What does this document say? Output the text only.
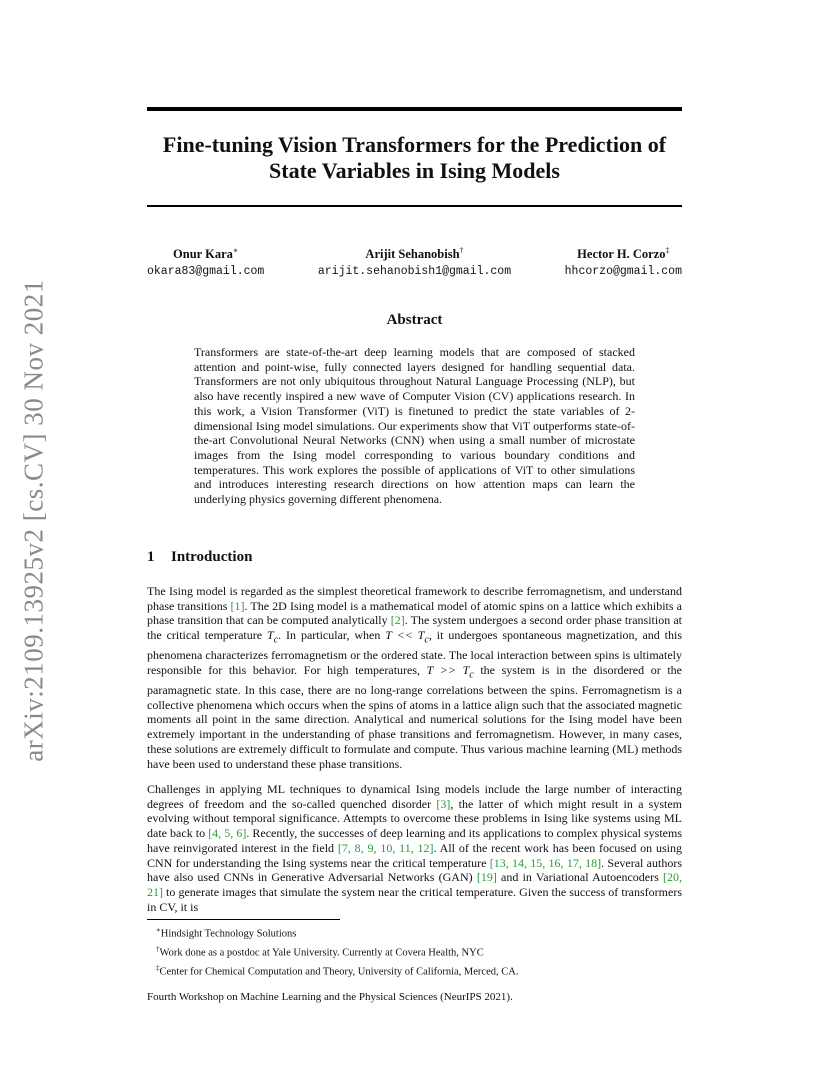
arXiv:2109.13925v2 [cs.CV] 30 Nov 2021
Fine-tuning Vision Transformers for the Prediction of State Variables in Ising Models
Onur Kara∗
okara83@gmail.com
Arijit Sehanobish†
arijit.sehanobish1@gmail.com
Hector H. Corzo‡
hhcorzo@gmail.com
Abstract
Transformers are state-of-the-art deep learning models that are composed of stacked attention and point-wise, fully connected layers designed for handling sequential data. Transformers are not only ubiquitous throughout Natural Language Processing (NLP), but also have recently inspired a new wave of Computer Vision (CV) applications research. In this work, a Vision Transformer (ViT) is finetuned to predict the state variables of 2-dimensional Ising model simulations. Our experiments show that ViT outperforms state-of-the-art Convolutional Neural Networks (CNN) when using a small number of microstate images from the Ising model corresponding to various boundary conditions and temperatures. This work explores the possible of applications of ViT to other simulations and introduces interesting research directions on how attention maps can learn the underlying physics governing different phenomena.
1 Introduction
The Ising model is regarded as the simplest theoretical framework to describe ferromagnetism, and understand phase transitions [1]. The 2D Ising model is a mathematical model of atomic spins on a lattice which exhibits a phase transition that can be computed analytically [2]. The system undergoes a second order phase transition at the critical temperature $T_c$. In particular, when $T << T_c$, it undergoes spontaneous magnetization, and this phenomena characterizes ferromagnetism or the ordered state. The local interaction between spins is ultimately responsible for this behavior. For high temperatures, $T >> T_c$ the system is in the disordered or the paramagnetic state. In this case, there are no long-range correlations between the spins. Ferromagnetism is a collective phenomena which occurs when the spins of atoms in a lattice align such that the associated magnetic moments all point in the same direction. Analytical and numerical solutions for the Ising model have been extremely important in the understanding of phase transitions and ferromagnetism. However, in many cases, these solutions are extremely difficult to formulate and compute. Thus various machine learning (ML) methods have been used to understand these phase transitions.
Challenges in applying ML techniques to dynamical Ising models include the large number of interacting degrees of freedom and the so-called quenched disorder [3], the latter of which might result in a system evolving without temporal significance. Attempts to overcome these problems in Ising like systems using ML date back to [4, 5, 6]. Recently, the successes of deep learning and its applications to complex physical systems have reinvigorated interest in the field [7, 8, 9, 10, 11, 12]. All of the recent work has been focused on using CNN for understanding the Ising systems near the critical temperature [13, 14, 15, 16, 17, 18]. Several authors have also used CNNs in Generative Adversarial Networks (GAN) [19] and in Variational Autoencoders [20, 21] to generate images that simulate the system near the critical temperature. Given the success of transformers in CV, it is
∗Hindsight Technology Solutions
†Work done as a postdoc at Yale University. Currently at Covera Health, NYC
‡Center for Chemical Computation and Theory, University of California, Merced, CA.
Fourth Workshop on Machine Learning and the Physical Sciences (NeurIPS 2021).
